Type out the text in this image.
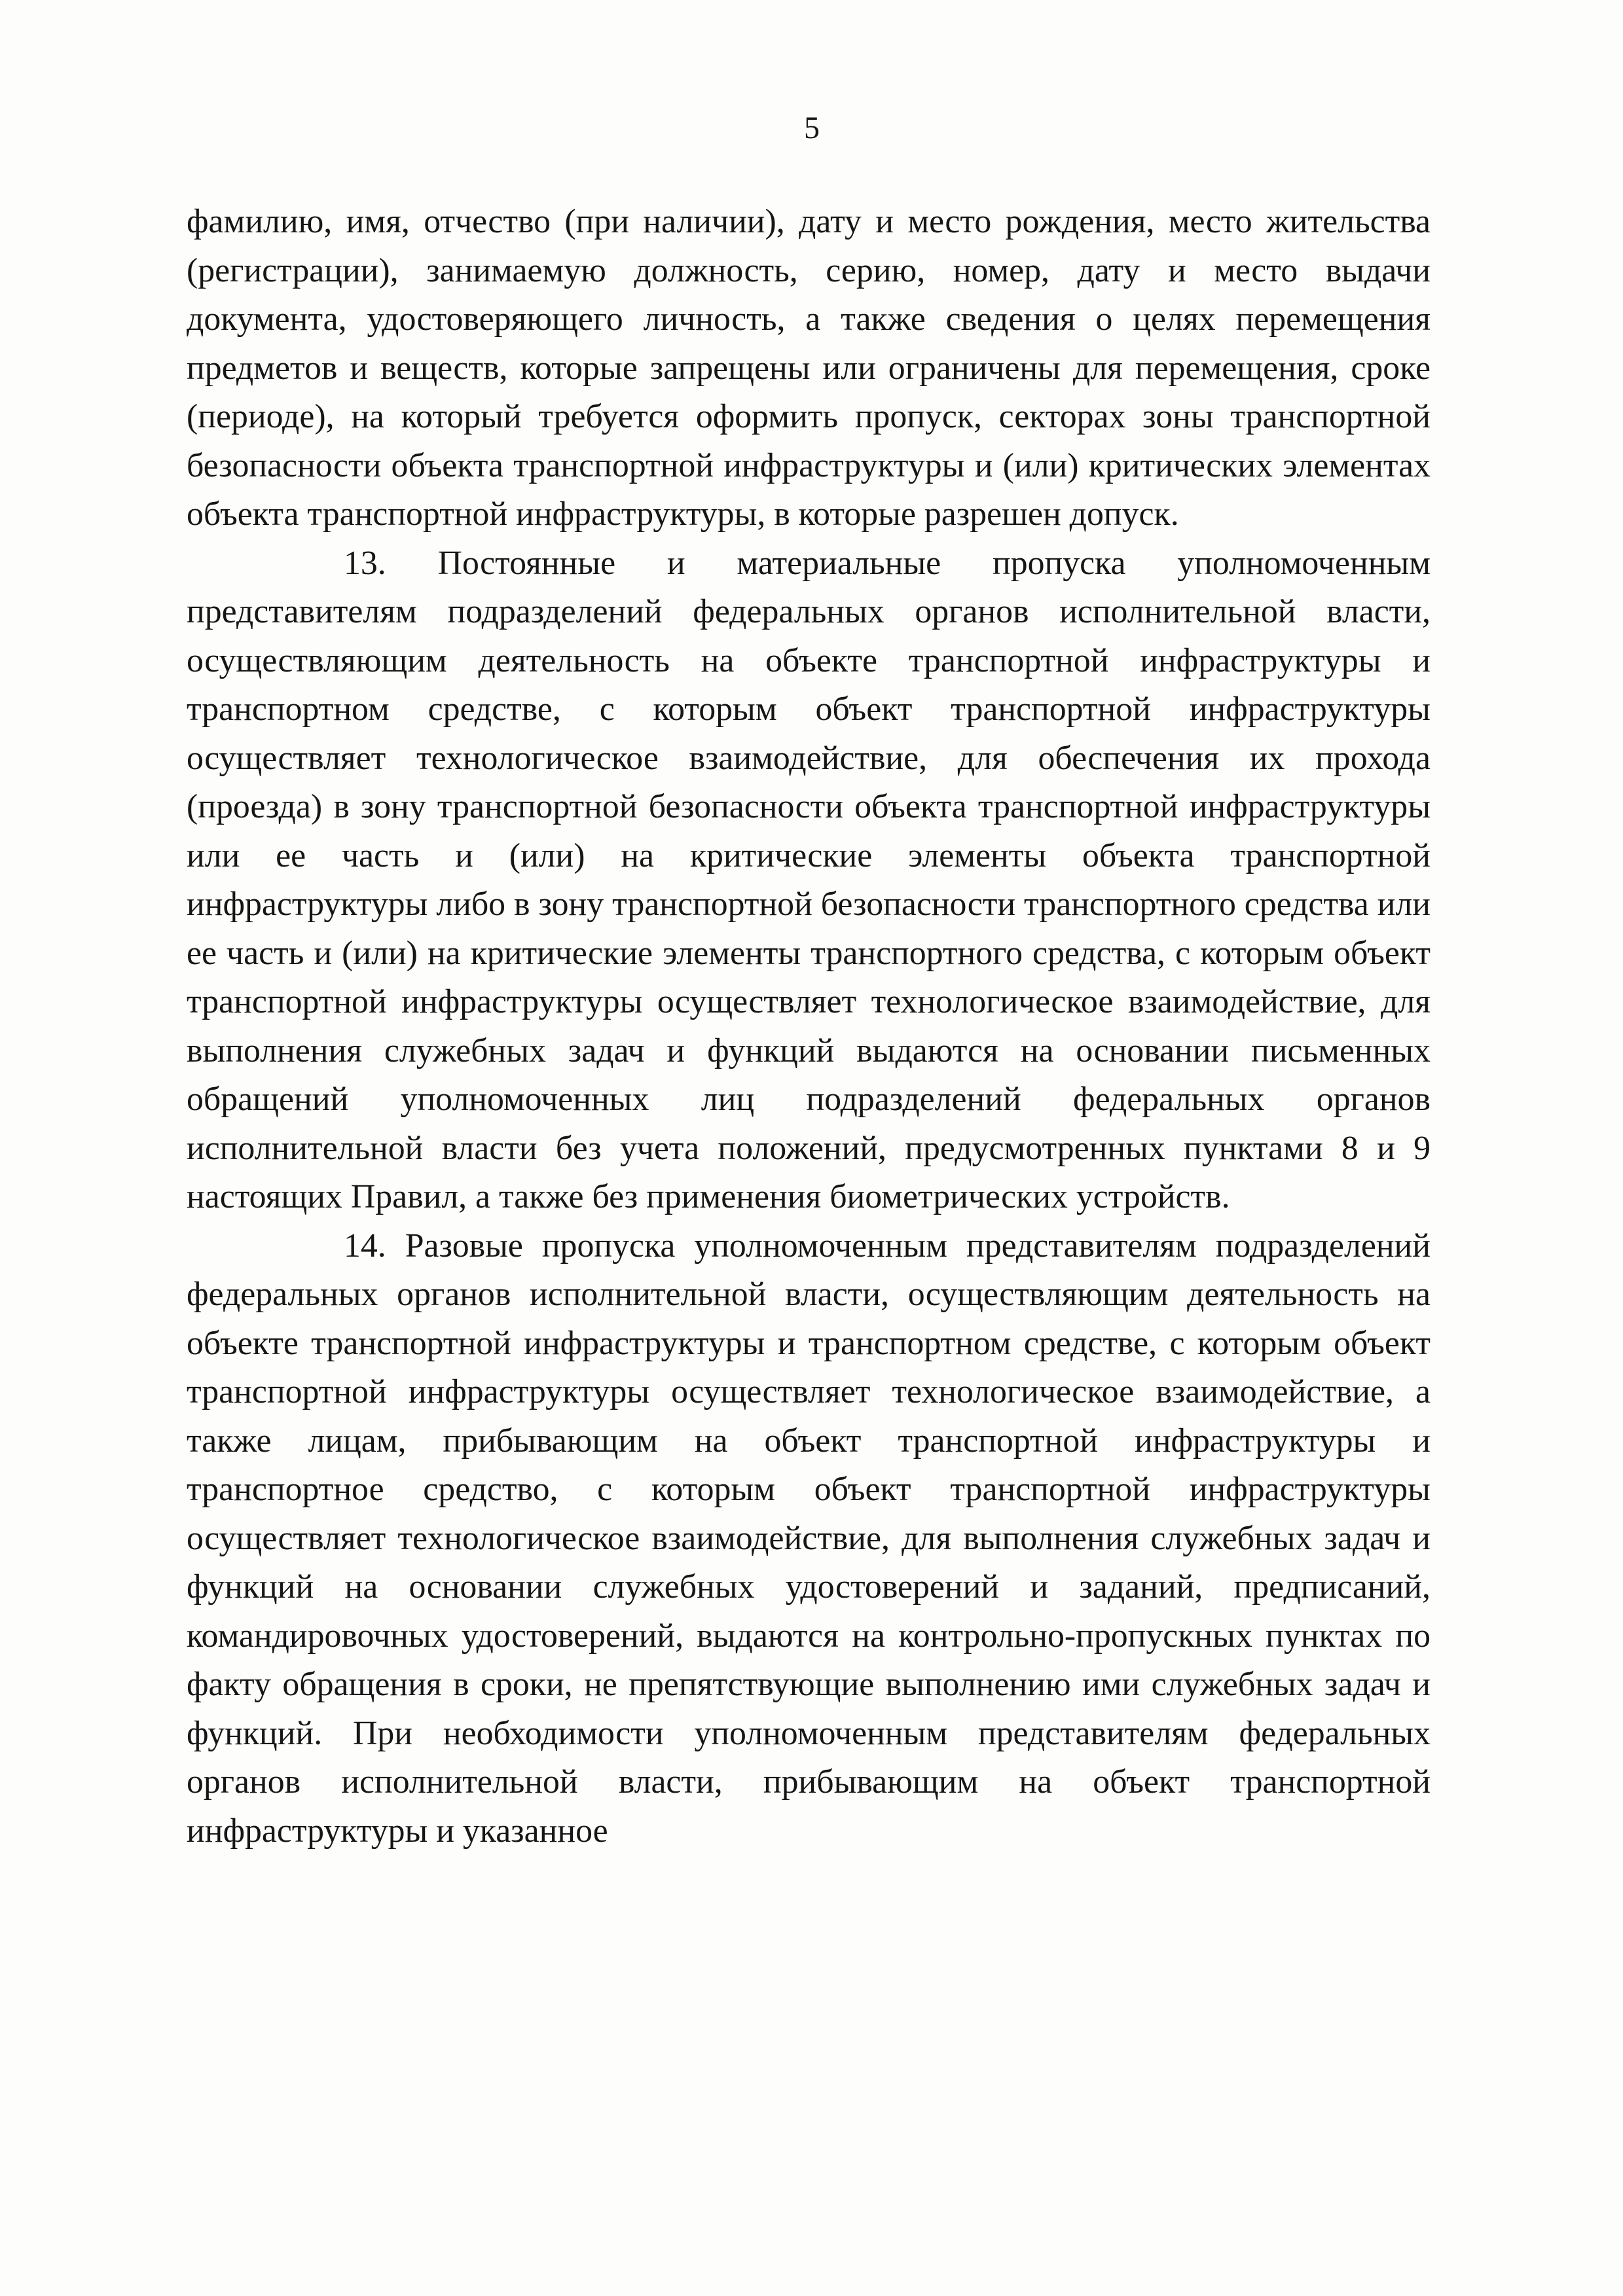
5

фамилию, имя, отчество (при наличии), дату и место рождения, место жительства (регистрации), занимаемую должность, серию, номер, дату и место выдачи документа, удостоверяющего личность, а также сведения о целях перемещения предметов и веществ, которые запрещены или ограничены для перемещения, сроке (периоде), на который требуется оформить пропуск, секторах зоны транспортной безопасности объекта транспортной инфраструктуры и (или) критических элементах объекта транспортной инфраструктуры, в которые разрешен допуск.

13. Постоянные и материальные пропуска уполномоченным представителям подразделений федеральных органов исполнительной власти, осуществляющим деятельность на объекте транспортной инфраструктуры и транспортном средстве, с которым объект транспортной инфраструктуры осуществляет технологическое взаимодействие, для обеспечения их прохода (проезда) в зону транспортной безопасности объекта транспортной инфраструктуры или ее часть и (или) на критические элементы объекта транспортной инфраструктуры либо в зону транспортной безопасности транспортного средства или ее часть и (или) на критические элементы транспортного средства, с которым объект транспортной инфраструктуры осуществляет технологическое взаимодействие, для выполнения служебных задач и функций выдаются на основании письменных обращений уполномоченных лиц подразделений федеральных органов исполнительной власти без учета положений, предусмотренных пунктами 8 и 9 настоящих Правил, а также без применения биометрических устройств.

14. Разовые пропуска уполномоченным представителям подразделений федеральных органов исполнительной власти, осуществляющим деятельность на объекте транспортной инфраструктуры и транспортном средстве, с которым объект транспортной инфраструктуры осуществляет технологическое взаимодействие, а также лицам, прибывающим на объект транспортной инфраструктуры и транспортное средство, с которым объект транспортной инфраструктуры осуществляет технологическое взаимодействие, для выполнения служебных задач и функций на основании служебных удостоверений и заданий, предписаний, командировочных удостоверений, выдаются на контрольно-пропускных пунктах по факту обращения в сроки, не препятствующие выполнению ими служебных задач и функций. При необходимости уполномоченным представителям федеральных органов исполнительной власти, прибывающим на объект транспортной инфраструктуры и указанное
